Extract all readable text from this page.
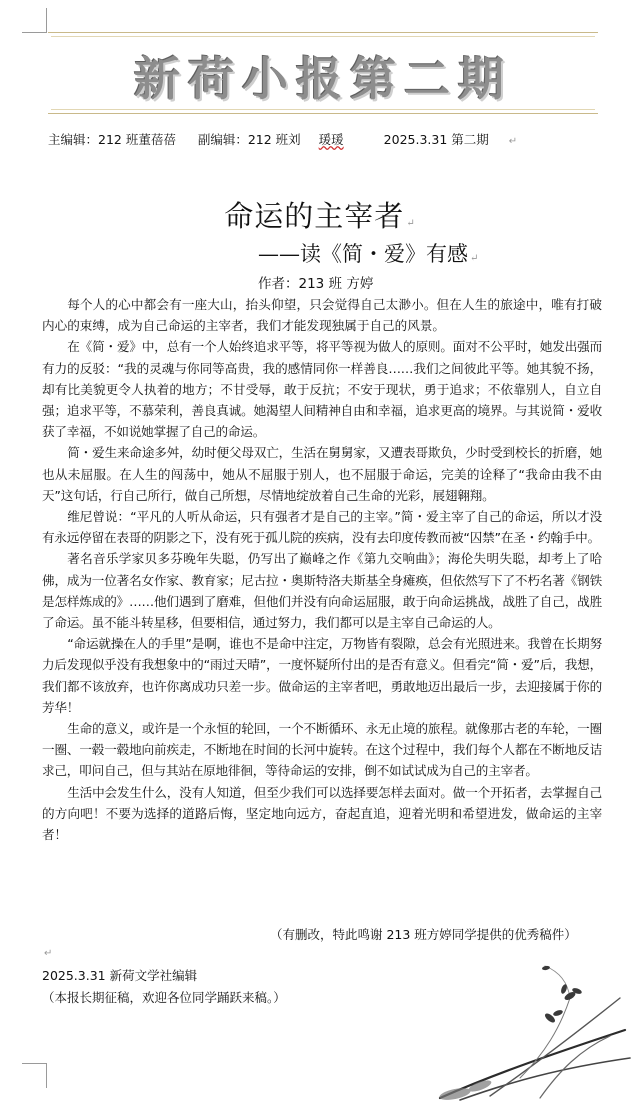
新荷小报第二期
主编辑：212 班董蓓蓓 副编辑：212 班刘 瑗瑗	2025.3.31 第二期 ↵
命运的主宰者 ↵
——读《简・爱》有感 ↵
作者：213 班 方婷

每个人的心中都会有一座大山，抬头仰望，只会觉得自己太渺小。但在人生的旅途中，唯有打破内心的束缚，成为自己命运的主宰者，我们才能发现独属于自己的风景。

在《简・爱》中，总有一个人始终追求平等，将平等视为做人的原则。面对不公平时，她发出强而有力的反驳：“我的灵魂与你同等高贵，我的感情同你一样善良……我们之间彼此平等。她其貌不扬，却有比美貌更令人执着的地方；不甘受辱，敢于反抗；不安于现状，勇于追求；不依靠别人，自立自强；追求平等，不慕荣利，善良真诚。她渴望人间精神自由和幸福，追求更高的境界。与其说简・爱收获了幸福，不如说她掌握了自己的命运。

简・爱生来命途多舛，幼时便父母双亡，生活在舅舅家，又遭表哥欺负，少时受到校长的折磨，她也从未屈服。在人生的闯荡中，她从不屈服于别人，也不屈服于命运，完美的诠释了“我命由我不由天”这句话，行自己所行，做自己所想，尽情地绽放着自己生命的光彩，展翅翱翔。

维尼曾说：“平凡的人听从命运，只有强者才是自己的主宰。”简・爱主宰了自己的命运，所以才没有永远停留在表哥的阴影之下，没有死于孤儿院的疾病，没有去印度传教而被“囚禁”在圣・约翰手中。

著名音乐学家贝多芬晚年失聪，仍写出了巅峰之作《第九交响曲》；海伦失明失聪，却考上了哈佛，成为一位著名女作家、教育家；尼古拉・奥斯特洛夫斯基全身瘫痪，但依然写下了不朽名著《钢铁是怎样炼成的》……他们遇到了磨难，但他们并没有向命运屈服，敢于向命运挑战，战胜了自己，战胜了命运。虽不能斗转星移，但要相信，通过努力，我们都可以是主宰自己命运的人。

“命运就操在人的手里”是啊，谁也不是命中注定，万物皆有裂隙，总会有光照进来。我曾在长期努力后发现似乎没有我想象中的“雨过天晴”，一度怀疑所付出的是否有意义。但看完“简・爱”后，我想，我们都不该放弃，也许你离成功只差一步。做命运的主宰者吧，勇敢地迈出最后一步，去迎接属于你的芳华！

生命的意义，或许是一个永恒的轮回，一个不断循环、永无止境的旅程。就像那古老的车轮，一圈一圈、一毂一毂地向前疾走，不断地在时间的长河中旋转。在这个过程中，我们每个人都在不断地反诘求己，叩问自己，但与其站在原地徘徊，等待命运的安排，倒不如试试成为自己的主宰者。

生活中会发生什么，没有人知道，但至少我们可以选择要怎样去面对。做一个开拓者，去掌握自己的方向吧！不要为选择的道路后悔，坚定地向远方，奋起直追，迎着光明和希望进发，做命运的主宰者！

（有删改，特此鸣谢 213 班方婷同学提供的优秀稿件）
↵
2025.3.31 新荷文学社编辑
（本报长期征稿，欢迎各位同学踊跃来稿。）
